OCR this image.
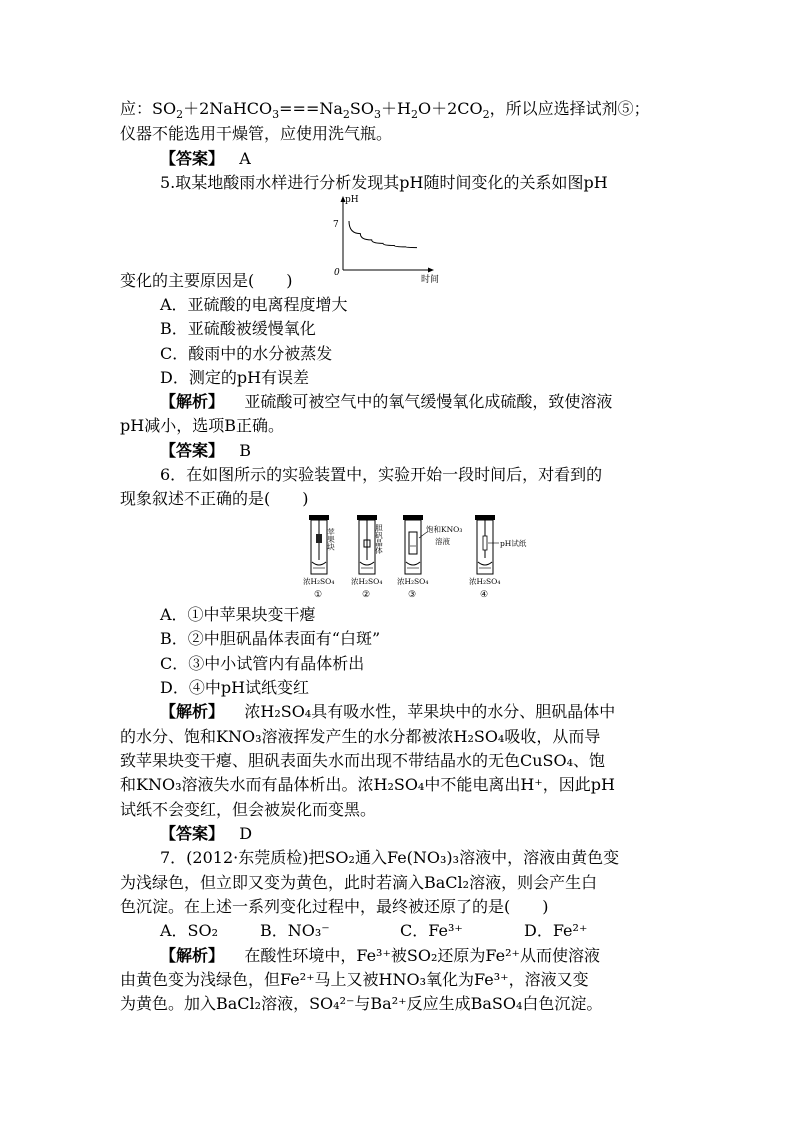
应：$SO_2+2NaHCO_3===Na_2SO_3+H_2O+2CO_2$，所以应选择试剂⑤；
仪器不能选用干燥管，应使用洗气瓶。
【答案】 A
5.取某地酸雨水样进行分析发现其pH随时间变化的关系如图pH
pH
7
0
时间
变化的主要原因是(　　)
A．亚硫酸的电离程度增大
B．亚硫酸被缓慢氧化
C．酸雨中的水分被蒸发
D．测定的pH有误差
【解析】 亚硫酸可被空气中的氧气缓慢氧化成硫酸，致使溶液
pH减小，选项B正确。
【答案】 B
6．在如图所示的实验装置中，实验开始一段时间后，对看到的
现象叙述不正确的是(　　)
苹果块
浓H₂SO₄
①
胆矾晶体
浓H₂SO₄
②
饱和KNO₃
溶液
浓H₂SO₄
③
pH试纸
浓H₂SO₄
④
A．①中苹果块变干瘪
B．②中胆矾晶体表面有“白斑”
C．③中小试管内有晶体析出
D．④中pH试纸变红
【解析】 浓H₂SO₄具有吸水性，苹果块中的水分、胆矾晶体中
的水分、饱和KNO₃溶液挥发产生的水分都被浓H₂SO₄吸收，从而导
致苹果块变干瘪、胆矾表面失水而出现不带结晶水的无色CuSO₄、饱
和KNO₃溶液失水而有晶体析出。浓H₂SO₄中不能电离出H⁺，因此pH
试纸不会变红，但会被炭化而变黑。
【答案】 D
7．(2012·东莞质检)把SO₂通入Fe(NO₃)₃溶液中，溶液由黄色变
为浅绿色，但立即又变为黄色，此时若滴入BaCl₂溶液，则会产生白
色沉淀。在上述一系列变化过程中，最终被还原了的是(　　)
A．SO₂	B．NO₃⁻	C．Fe³⁺	D．Fe²⁺
【解析】 在酸性环境中，Fe³⁺被SO₂还原为Fe²⁺从而使溶液
由黄色变为浅绿色，但Fe²⁺马上又被HNO₃氧化为Fe³⁺，溶液又变
为黄色。加入BaCl₂溶液，SO₄²⁻与Ba²⁺反应生成BaSO₄白色沉淀。
